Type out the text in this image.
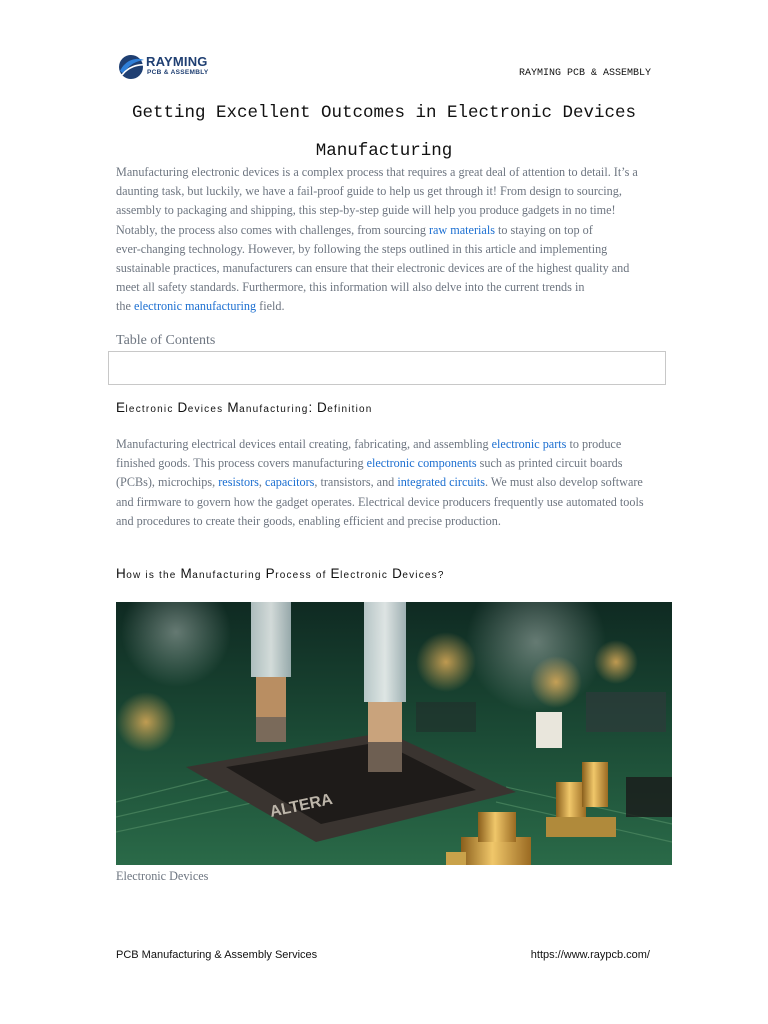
RAYMING
PCB & ASSEMBLY	RAYMING PCB & ASSEMBLY
Getting Excellent Outcomes in Electronic Devices
Manufacturing

Manufacturing electronic devices is a complex process that requires a great deal of attention to detail. It’s a
daunting task, but luckily, we have a fail-proof guide to help us get through it! From design to sourcing,
assembly to packaging and shipping, this step-by-step guide will help you produce gadgets in no time!
Notably, the process also comes with challenges, from sourcing raw materials to staying on top of
ever-changing technology. However, by following the steps outlined in this article and implementing
sustainable practices, manufacturers can ensure that their electronic devices are of the highest quality and
meet all safety standards. Furthermore, this information will also delve into the current trends in
the electronic manufacturing field.

Table of Contents
Electronic Devices Manufacturing: Definition
Manufacturing electrical devices entail creating, fabricating, and assembling electronic parts to produce
finished goods. This process covers manufacturing electronic components such as printed circuit boards
(PCBs), microchips, resistors, capacitors, transistors, and integrated circuits. We must also develop software
and firmware to govern how the gadget operates. Electrical device producers frequently use automated tools
and procedures to create their goods, enabling efficient and precise production.
How is the Manufacturing Process of Electronic Devices?
ALTERA
Electronic Devices
PCB Manufacturing & Assembly Services	https://www.raypcb.com/
